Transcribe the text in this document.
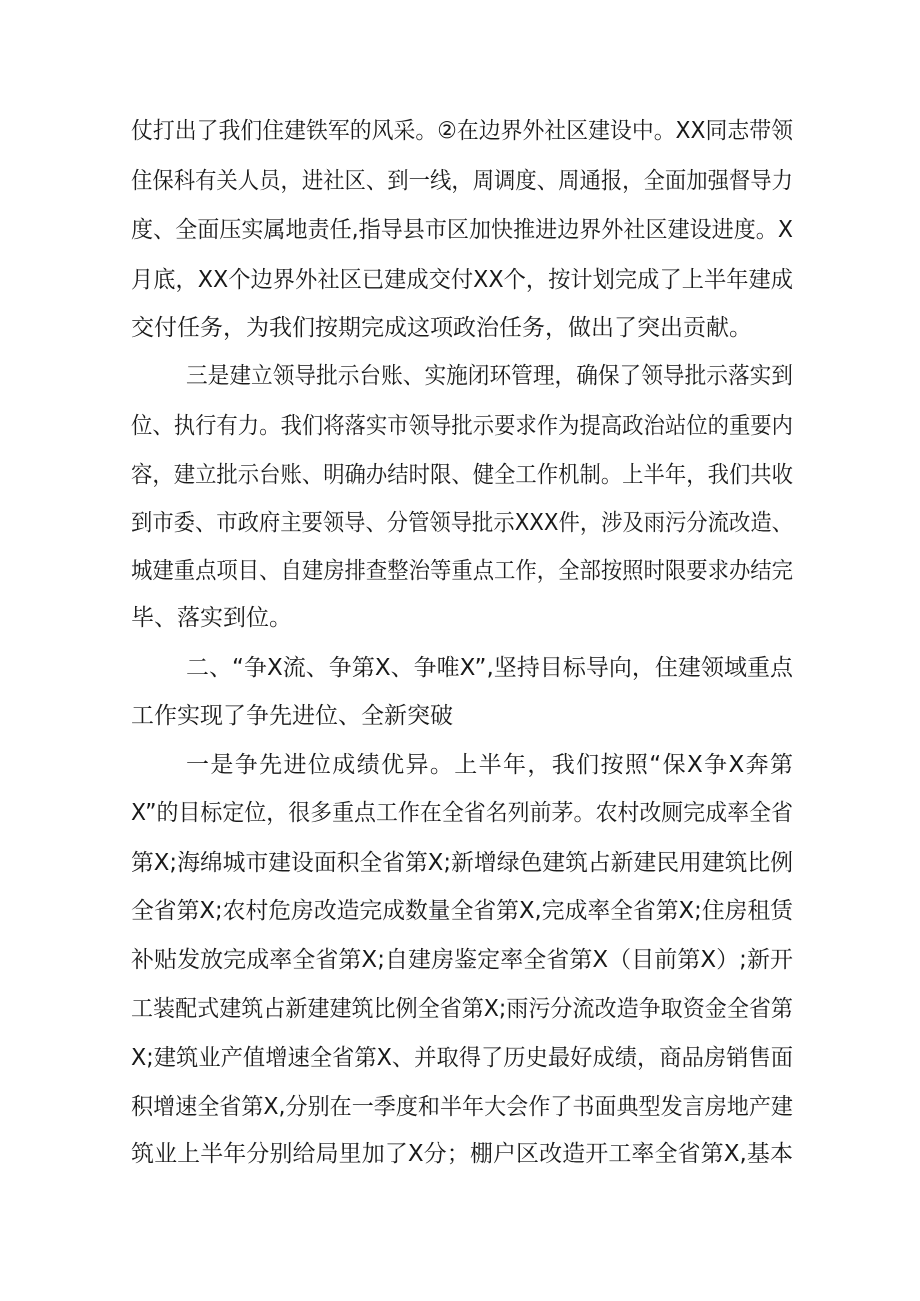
仗打出了我们住建铁军的风采。②在边界外社区建设中。XX同志带领
住保科有关人员，进社区、到一线，周调度、周通报，全面加强督导力
度、全面压实属地责任,指导县市区加快推进边界外社区建设进度。X
月底，XX个边界外社区已建成交付XX个，按计划完成了上半年建成
交付任务，为我们按期完成这项政治任务，做出了突出贡献。
三是建立领导批示台账、实施闭环管理，确保了领导批示落实到
位、执行有力。我们将落实市领导批示要求作为提高政治站位的重要内
容，建立批示台账、明确办结时限、健全工作机制。上半年，我们共收
到市委、市政府主要领导、分管领导批示XXX件，涉及雨污分流改造、
城建重点项目、自建房排查整治等重点工作，全部按照时限要求办结完
毕、落实到位。
二、“争X流、争第X、争唯X”,坚持目标导向，住建领域重点
工作实现了争先进位、全新突破
一是争先进位成绩优异。上半年，我们按照“保X争X奔第
X”的目标定位，很多重点工作在全省名列前茅。农村改厕完成率全省
第X;海绵城市建设面积全省第X;新增绿色建筑占新建民用建筑比例
全省第X;农村危房改造完成数量全省第X,完成率全省第X;住房租赁
补贴发放完成率全省第X;自建房鉴定率全省第X（目前第X）;新开
工装配式建筑占新建建筑比例全省第X;雨污分流改造争取资金全省第
X;建筑业产值增速全省第X、并取得了历史最好成绩，商品房销售面
积增速全省第X,分别在一季度和半年大会作了书面典型发言房地产建
筑业上半年分别给局里加了X分；棚户区改造开工率全省第X,基本
